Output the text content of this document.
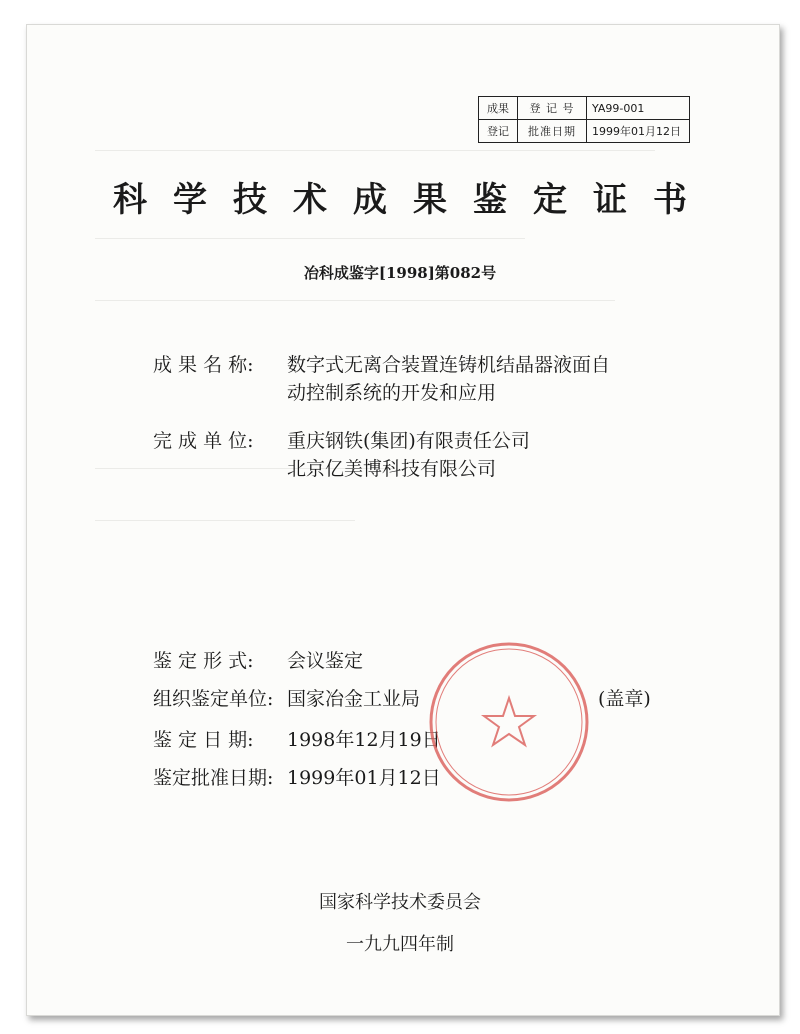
成果	登 记 号	YA99-001
登记	批准日期	1999年01月12日
科学技术成果鉴定证书
冶科成鉴字[1998]第082号
成 果 名 称: 数字式无离合装置连铸机结晶器液面自
动控制系统的开发和应用
完 成 单 位: 重庆钢铁(集团)有限责任公司
北京亿美博科技有限公司
鉴 定 形 式: 会议鉴定
组织鉴定单位: 国家冶金工业局	(盖章)
鉴 定 日 期: 1998年12月19日
鉴定批准日期: 1999年01月12日
国家科学技术委员会
一九九四年制
